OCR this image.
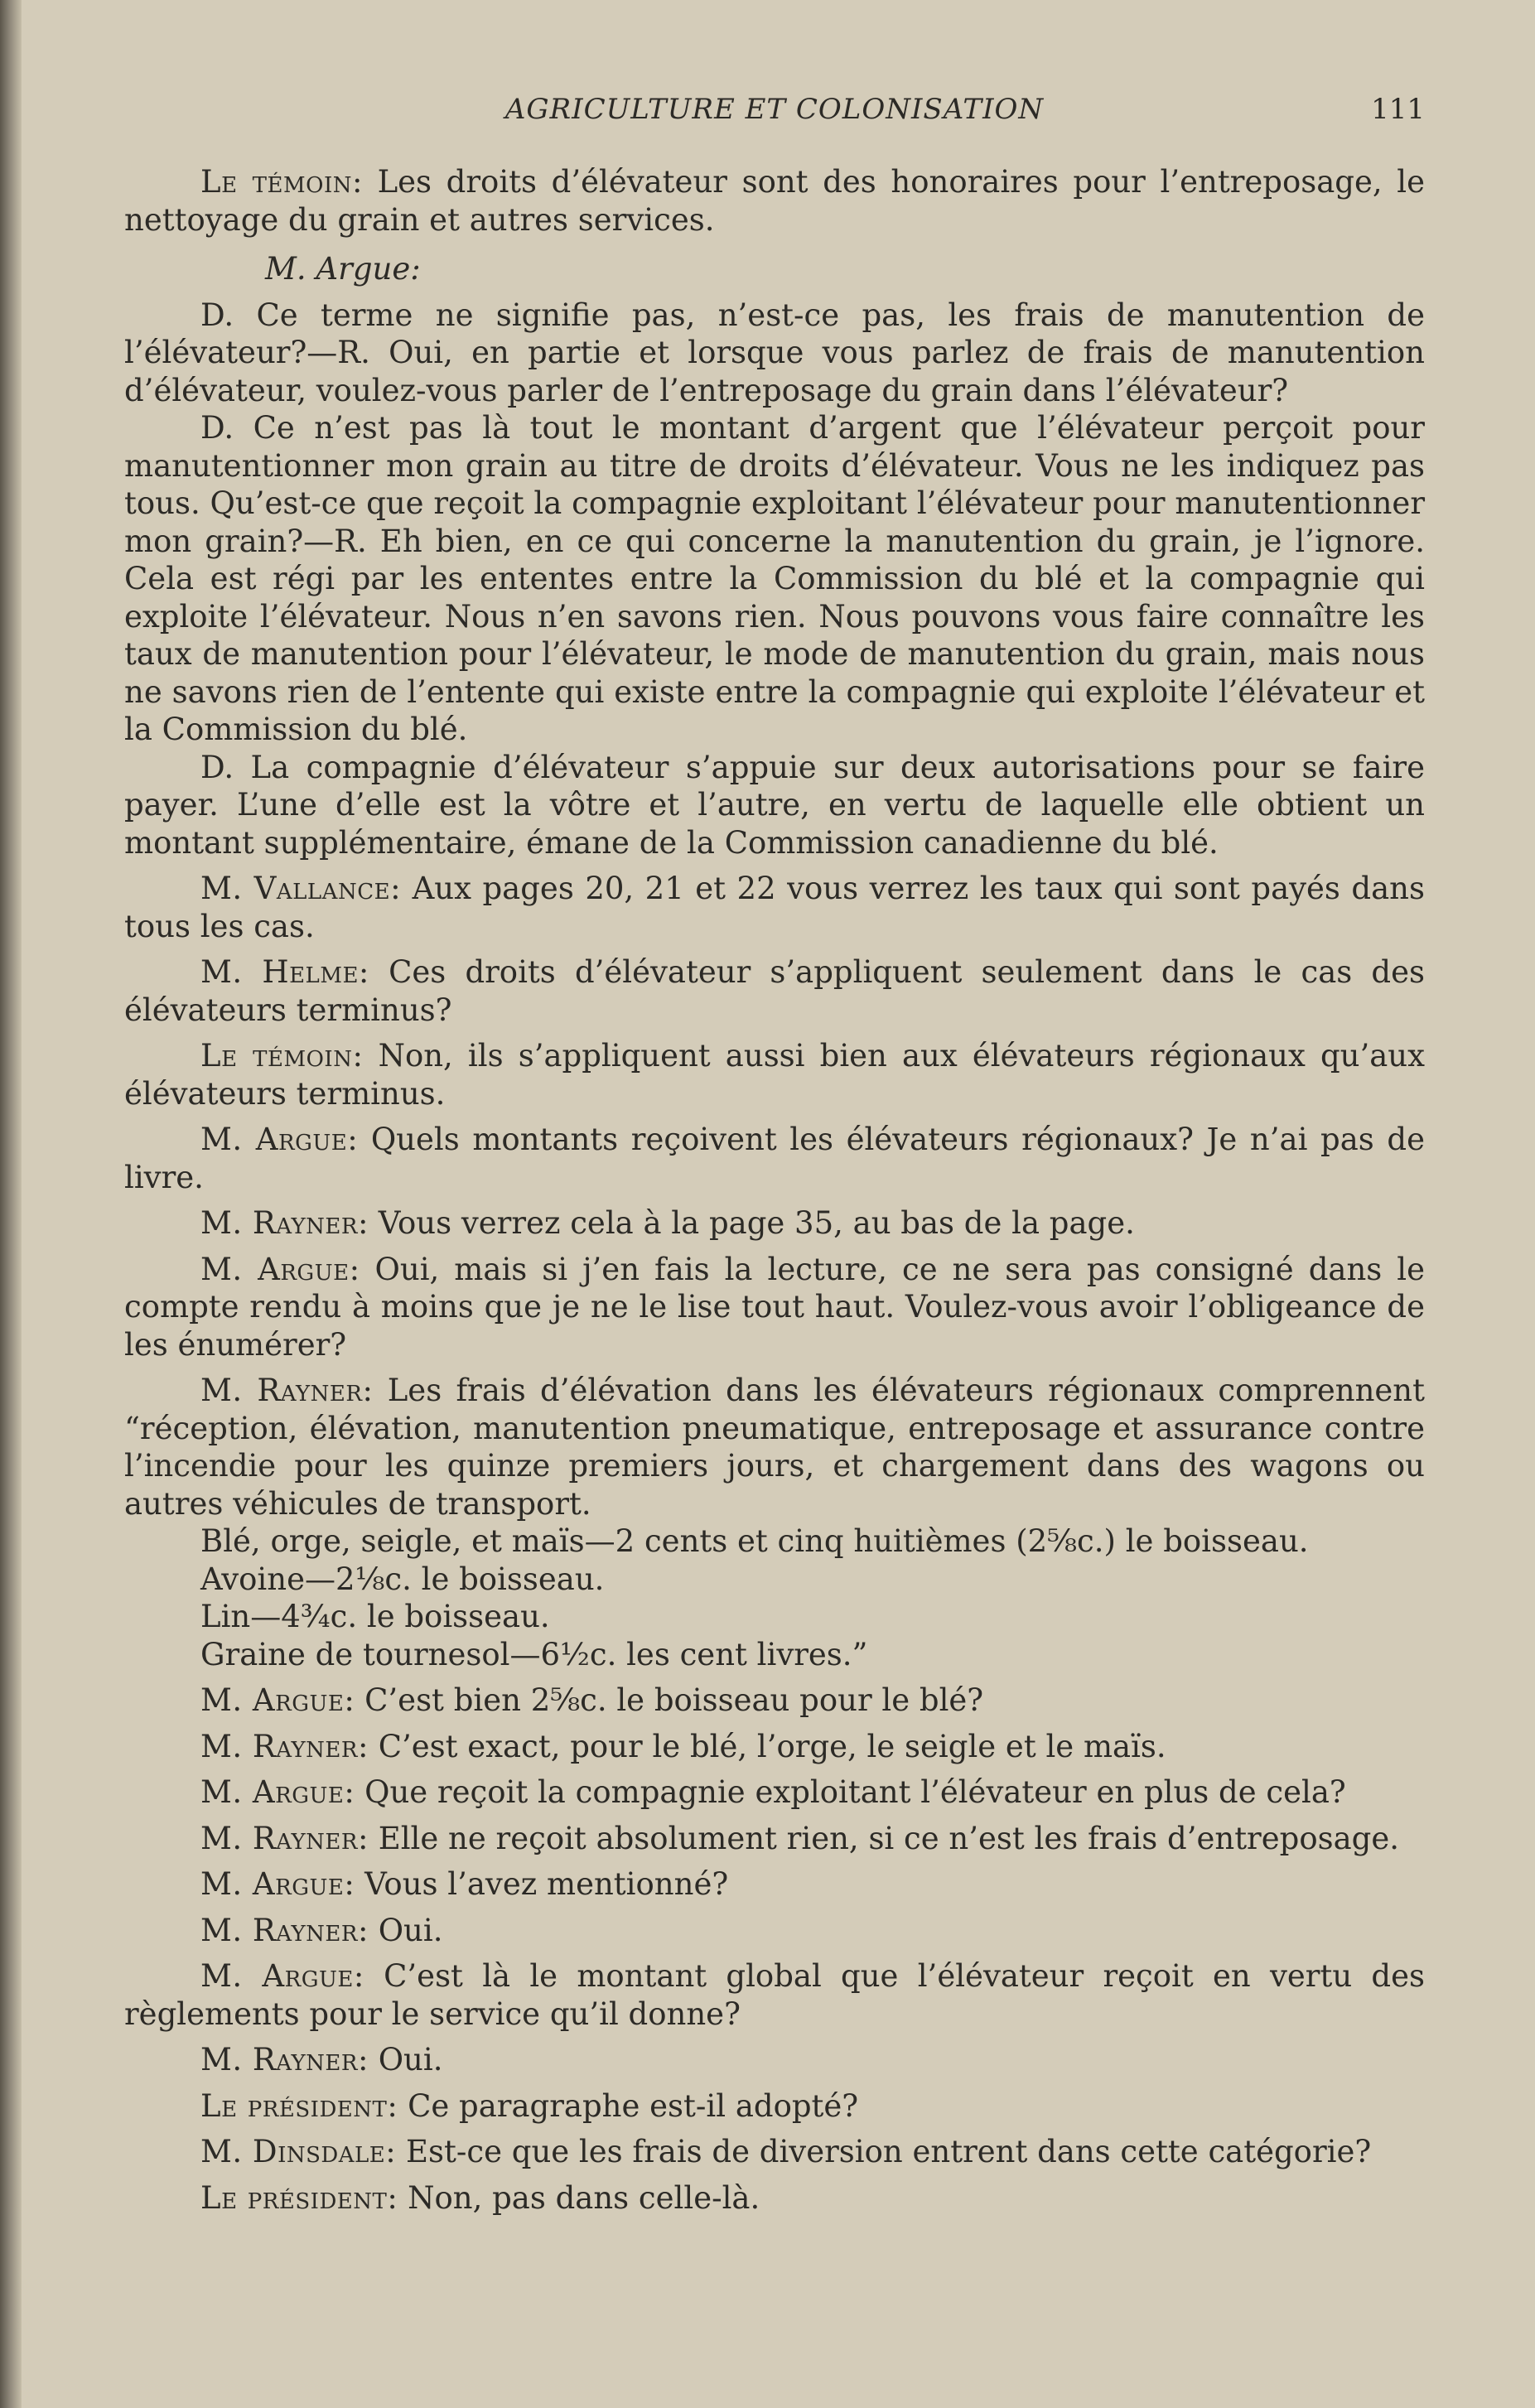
AGRICULTURE ET COLONISATION	111

Le témoin: Les droits d’élévateur sont des honoraires pour l’entreposage, le nettoyage du grain et autres services.

M. Argue:

D. Ce terme ne signifie pas, n’est-ce pas, les frais de manutention de l’élévateur?—R. Oui, en partie et lorsque vous parlez de frais de manutention d’élévateur, voulez-vous parler de l’entreposage du grain dans l’élévateur?

D. Ce n’est pas là tout le montant d’argent que l’élévateur perçoit pour manutentionner mon grain au titre de droits d’élévateur. Vous ne les indiquez pas tous. Qu’est-ce que reçoit la compagnie exploitant l’élévateur pour manutentionner mon grain?—R. Eh bien, en ce qui concerne la manutention du grain, je l’ignore. Cela est régi par les ententes entre la Commission du blé et la compagnie qui exploite l’élévateur. Nous n’en savons rien. Nous pouvons vous faire connaître les taux de manutention pour l’élévateur, le mode de manutention du grain, mais nous ne savons rien de l’entente qui existe entre la compagnie qui exploite l’élévateur et la Commission du blé.

D. La compagnie d’élévateur s’appuie sur deux autorisations pour se faire payer. L’une d’elle est la vôtre et l’autre, en vertu de laquelle elle obtient un montant supplémentaire, émane de la Commission canadienne du blé.

M. Vallance: Aux pages 20, 21 et 22 vous verrez les taux qui sont payés dans tous les cas.

M. Helme: Ces droits d’élévateur s’appliquent seulement dans le cas des élévateurs terminus?

Le témoin: Non, ils s’appliquent aussi bien aux élévateurs régionaux qu’aux élévateurs terminus.

M. Argue: Quels montants reçoivent les élévateurs régionaux? Je n’ai pas de livre.

M. Rayner: Vous verrez cela à la page 35, au bas de la page.

M. Argue: Oui, mais si j’en fais la lecture, ce ne sera pas consigné dans le compte rendu à moins que je ne le lise tout haut. Voulez-vous avoir l’obligeance de les énumérer?

M. Rayner: Les frais d’élévation dans les élévateurs régionaux comprennent “réception, élévation, manutention pneumatique, entreposage et assurance contre l’incendie pour les quinze premiers jours, et chargement dans des wagons ou autres véhicules de transport.

Blé, orge, seigle, et maïs—2 cents et cinq huitièmes (2⅝c.) le boisseau.

Avoine—2⅛c. le boisseau.

Lin—4¾c. le boisseau.

Graine de tournesol—6½c. les cent livres.”

M. Argue: C’est bien 2⅝c. le boisseau pour le blé?

M. Rayner: C’est exact, pour le blé, l’orge, le seigle et le maïs.

M. Argue: Que reçoit la compagnie exploitant l’élévateur en plus de cela?

M. Rayner: Elle ne reçoit absolument rien, si ce n’est les frais d’entreposage.

M. Argue: Vous l’avez mentionné?

M. Rayner: Oui.

M. Argue: C’est là le montant global que l’élévateur reçoit en vertu des règlements pour le service qu’il donne?

M. Rayner: Oui.

Le président: Ce paragraphe est-il adopté?

M. Dinsdale: Est-ce que les frais de diversion entrent dans cette catégorie?

Le président: Non, pas dans celle-là.
